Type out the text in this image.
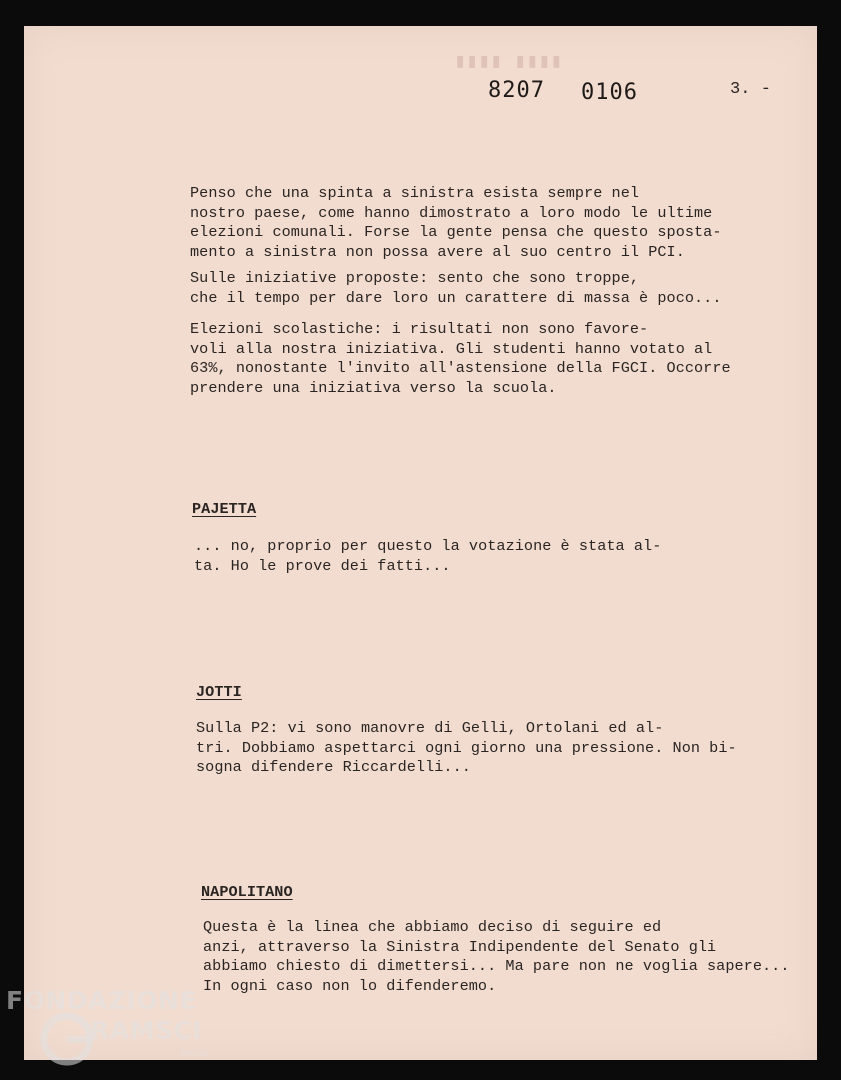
▮▮▮▮ ▮▮▮▮
8207 0106	3. -
Penso che una spinta a sinistra esista sempre nel
nostro paese, come hanno dimostrato a loro modo le ultime
elezioni comunali. Forse la gente pensa che questo sposta-
mento a sinistra non possa avere al suo centro il PCI.
Sulle iniziative proposte: sento che sono troppe,
che il tempo per dare loro un carattere di massa è poco...
Elezioni scolastiche: i risultati non sono favore-
voli alla nostra iniziativa. Gli studenti hanno votato al
63%, nonostante l'invito all'astensione della FGCI. Occorre
prendere una iniziativa verso la scuola.
PAJETTA
... no, proprio per questo la votazione è stata al-
ta. Ho le prove dei fatti...
JOTTI
Sulla P2: vi sono manovre di Gelli, Ortolani ed al-
tri. Dobbiamo aspettarci ogni giorno una pressione. Non bi-
sogna difendere Riccardelli...
NAPOLITANO
Questa è la linea che abbiamo deciso di seguire ed
anzi, attraverso la Sinistra Indipendente del Senato gli
abbiamo chiesto di dimettersi... Ma pare non ne voglia sapere...
In ogni caso non lo difenderemo.
FONDAZIONE
RAMSCI
onlus
